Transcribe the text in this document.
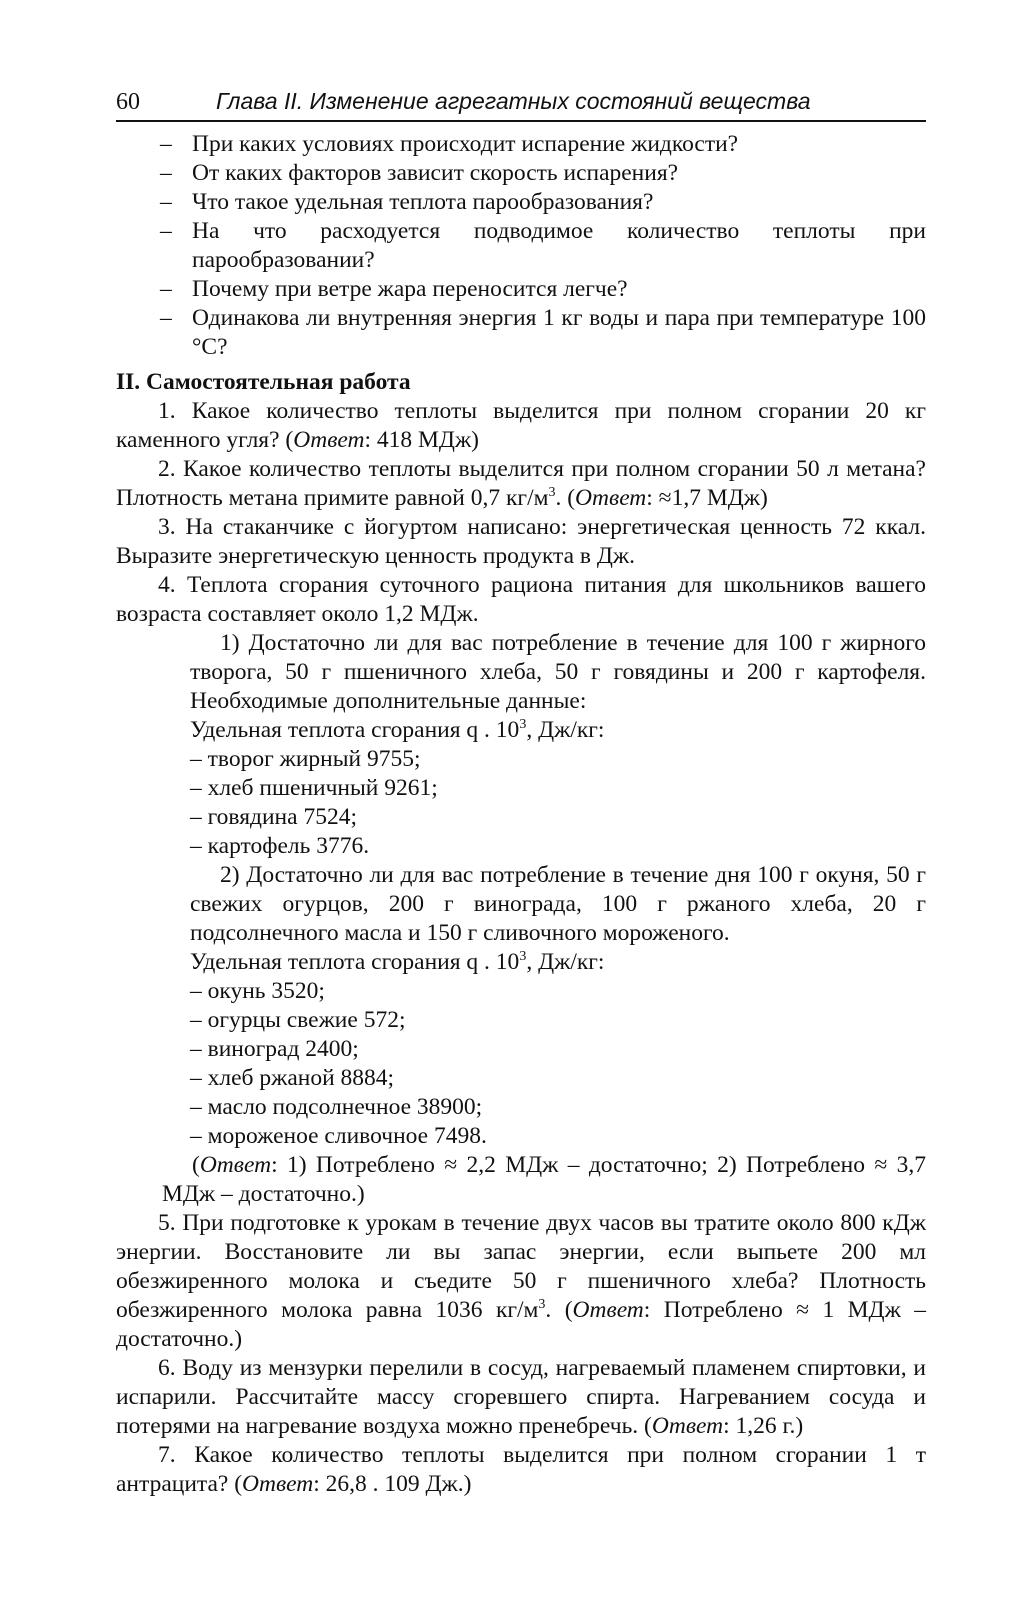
60	Глава II. Изменение агрегатных состояний вещества
– При каких условиях происходит испарение жидкости?
– От каких факторов зависит скорость испарения?
– Что такое удельная теплота парообразования?
– На что расходуется подводимое количество теплоты при парообразовании?
– Почему при ветре жара переносится легче?
– Одинакова ли внутренняя энергия 1 кг воды и пара при температуре 100 °С?
II. Самостоятельная работа

1. Какое количество теплоты выделится при полном сгорании 20 кг каменного угля? (Ответ: 418 МДж)

2. Какое количество теплоты выделится при полном сгорании 50 л метана? Плотность метана примите равной 0,7 $кг/м^3$. (Ответ: ≈1,7 МДж)

3. На стаканчике с йогуртом написано: энергетическая ценность 72 ккал. Выразите энергетическую ценность продукта в Дж.

4. Теплота сгорания суточного рациона питания для школьников вашего возраста составляет около 1,2 МДж.

1) Достаточно ли для вас потребление в течение для 100 г жирного творога, 50 г пшеничного хлеба, 50 г говядины и 200 г картофеля. Необходимые дополнительные данные:

Удельная теплота сгорания q . $10^3$, Дж/кг:

– творог жирный 9755;

– хлеб пшеничный 9261;

– говядина 7524;

– картофель 3776.

2) Достаточно ли для вас потребление в течение дня 100 г окуня, 50 г свежих огурцов, 200 г винограда, 100 г ржаного хлеба, 20 г подсолнечного масла и 150 г сливочного мороженого.

Удельная теплота сгорания q . $10^3$, Дж/кг:

– окунь 3520;

– огурцы свежие 572;

– виноград 2400;

– хлеб ржаной 8884;

– масло подсолнечное 38900;

– мороженое сливочное 7498.

(Ответ: 1) Потреблено ≈ 2,2 МДж – достаточно; 2) Потреблено ≈ 3,7 МДж – достаточно.)

5. При подготовке к урокам в течение двух часов вы тратите около 800 кДж энергии. Восстановите ли вы запас энергии, если выпьете 200 мл обезжиренного молока и съедите 50 г пшеничного хлеба? Плотность обезжиренного молока равна 1036 $кг/м^3$. (Ответ: Потреблено ≈ 1 МДж – достаточно.)

6. Воду из мензурки перелили в сосуд, нагреваемый пламенем спиртовки, и испарили. Рассчитайте массу сгоревшего спирта. Нагреванием сосуда и потерями на нагревание воздуха можно пренебречь. (Ответ: 1,26 г.)

7. Какое количество теплоты выделится при полном сгорании 1 т антрацита? (Ответ: 26,8 . 109 Дж.)
